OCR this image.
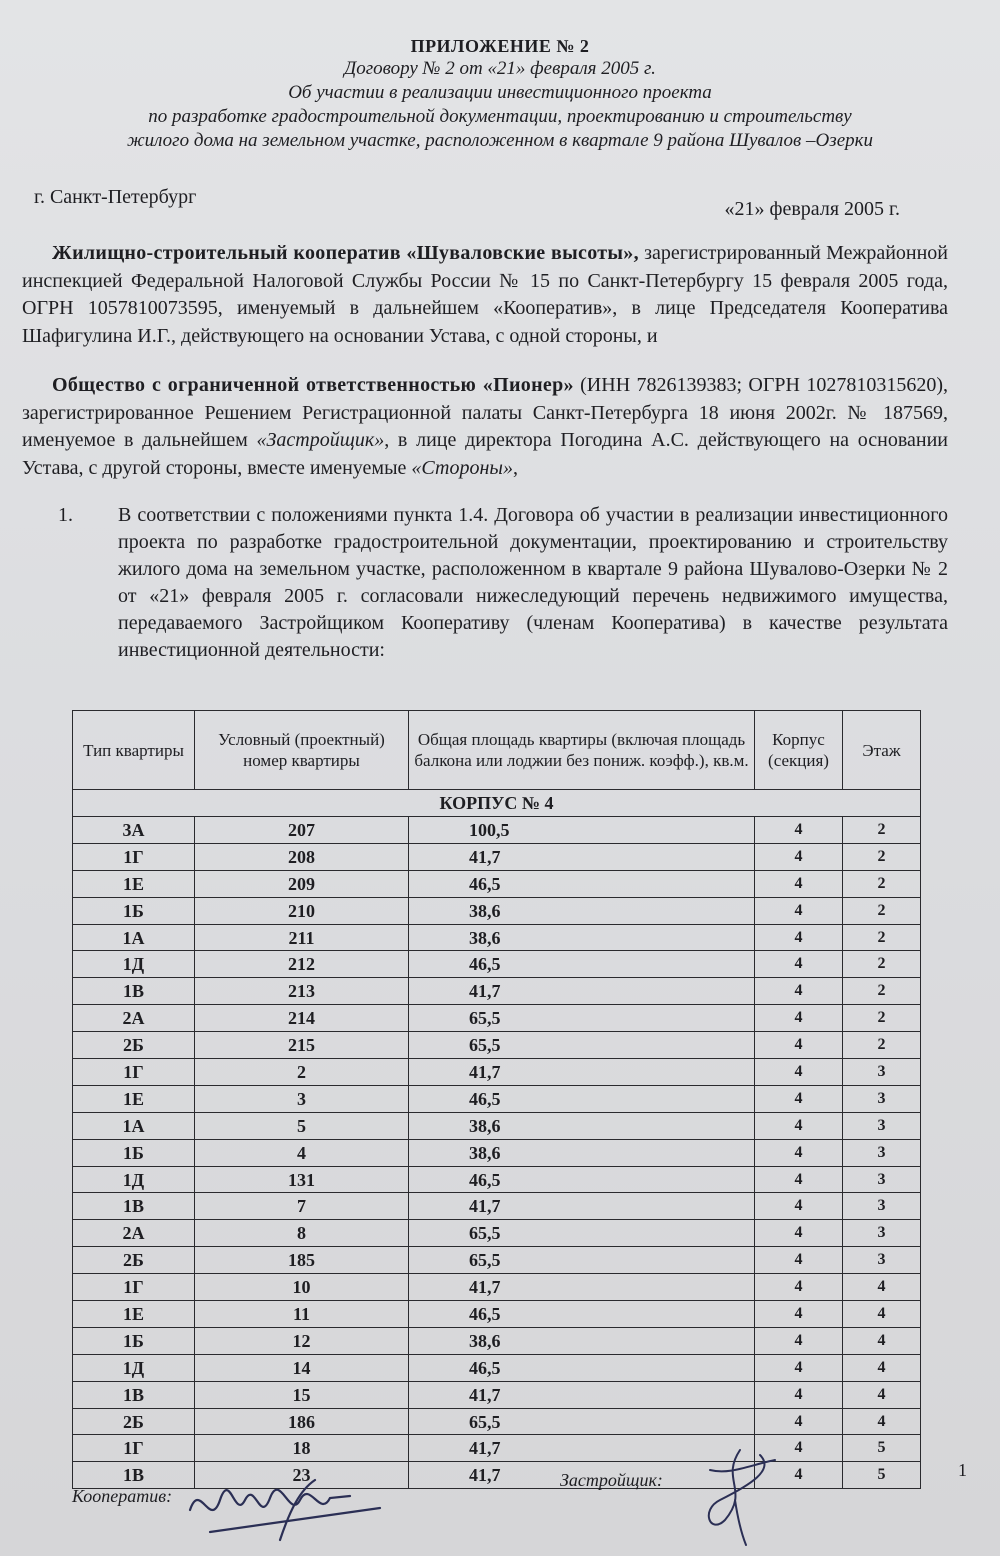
ПРИЛОЖЕНИЕ № 2
Договору № 2 от «21» февраля 2005 г.
Об участии в реализации инвестиционного проекта
по разработке градостроительной документации, проектированию и строительству
жилого дома на земельном участке, расположенном в квартале 9 района Шувалов –Озерки
г. Санкт-Петербург
«21» февраля 2005 г.
Жилищно-строительный кооператив «Шуваловские высоты», зарегистрированный Межрайонной инспекцией Федеральной Налоговой Службы России № 15 по Санкт-Петербургу 15 февраля 2005 года, ОГРН 1057810073595, именуемый в дальнейшем «Кооператив», в лице Председателя Кооператива Шафигулина И.Г., действующего на основании Устава, с одной стороны, и
Общество с ограниченной ответственностью «Пионер» (ИНН 7826139383; ОГРН 1027810315620), зарегистрированное Решением Регистрационной палаты Санкт-Петербурга 18 июня 2002г. № 187569, именуемое в дальнейшем «Застройщик», в лице директора Погодина А.С. действующего на основании Устава, с другой стороны, вместе именуемые «Стороны»,
1. В соответствии с положениями пункта 1.4. Договора об участии в реализации инвестиционного проекта по разработке градостроительной документации, проектированию и строительству жилого дома на земельном участке, расположенном в квартале 9 района Шувалово-Озерки № 2 от «21» февраля 2005 г. согласовали нижеследующий перечень недвижимого имущества, передаваемого Застройщиком Кооперативу (членам Кооператива) в качестве результата инвестиционной деятельности:
Тип квартиры	Условный (проектный) номер квартиры	Общая площадь квартиры (включая площадь балкона или лоджии без пониж. коэфф.), кв.м.	Корпус (секция)	Этаж
КОРПУС № 4				
3А	207	100,5	4	2
1Г	208	41,7	4	2
1Е	209	46,5	4	2
1Б	210	38,6	4	2
1А	211	38,6	4	2
1Д	212	46,5	4	2
1В	213	41,7	4	2
2А	214	65,5	4	2
2Б	215	65,5	4	2
1Г	2	41,7	4	3
1Е	3	46,5	4	3
1А	5	38,6	4	3
1Б	4	38,6	4	3
1Д	131	46,5	4	3
1В	7	41,7	4	3
2А	8	65,5	4	3
2Б	185	65,5	4	3
1Г	10	41,7	4	4
1Е	11	46,5	4	4
1Б	12	38,6	4	4
1Д	14	46,5	4	4
1В	15	41,7	4	4
2Б	186	65,5	4	4
1Г	18	41,7	4	5
1В	23	41,7	4	5
Кооператив:
Застройщик:	1
